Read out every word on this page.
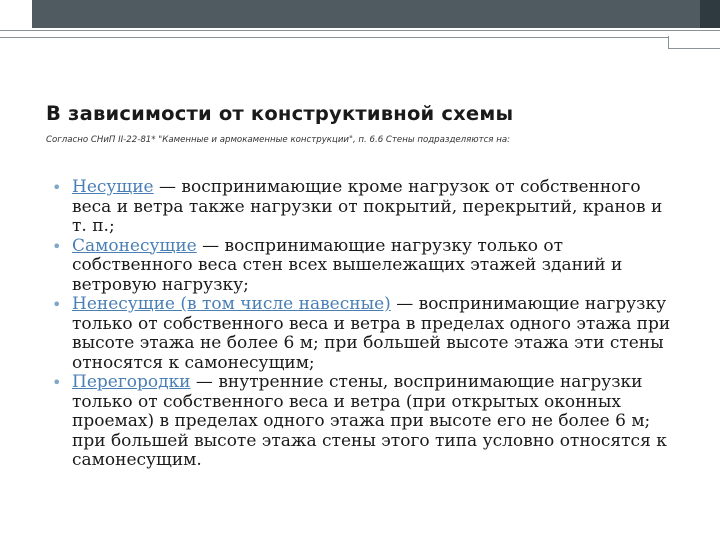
В зависимости от конструктивной схемы
Согласно СНиП II-22-81* "Каменные и армокаменные конструкции", п. 6.6 Стены подразделяются на:
• Несущие — воспринимающие кроме нагрузок от собственного веса и ветра также нагрузки от покрытий, перекрытий, кранов и т. п.;
• Самонесущие — воспринимающие нагрузку только от собственного веса стен всех вышележащих этажей зданий и ветровую нагрузку;
• Ненесущие (в том числе навесные) — воспринимающие нагрузку только от собственного веса и ветра в пределах одного этажа при высоте этажа не более 6 м; при большей высоте этажа эти стены относятся к самонесущим;
• Перегородки — внутренние стены, воспринимающие нагрузки только от собственного веса и ветра (при открытых оконных проемах) в пределах одного этажа при высоте его не более 6 м; при большей высоте этажа стены этого типа условно относятся к самонесущим.
